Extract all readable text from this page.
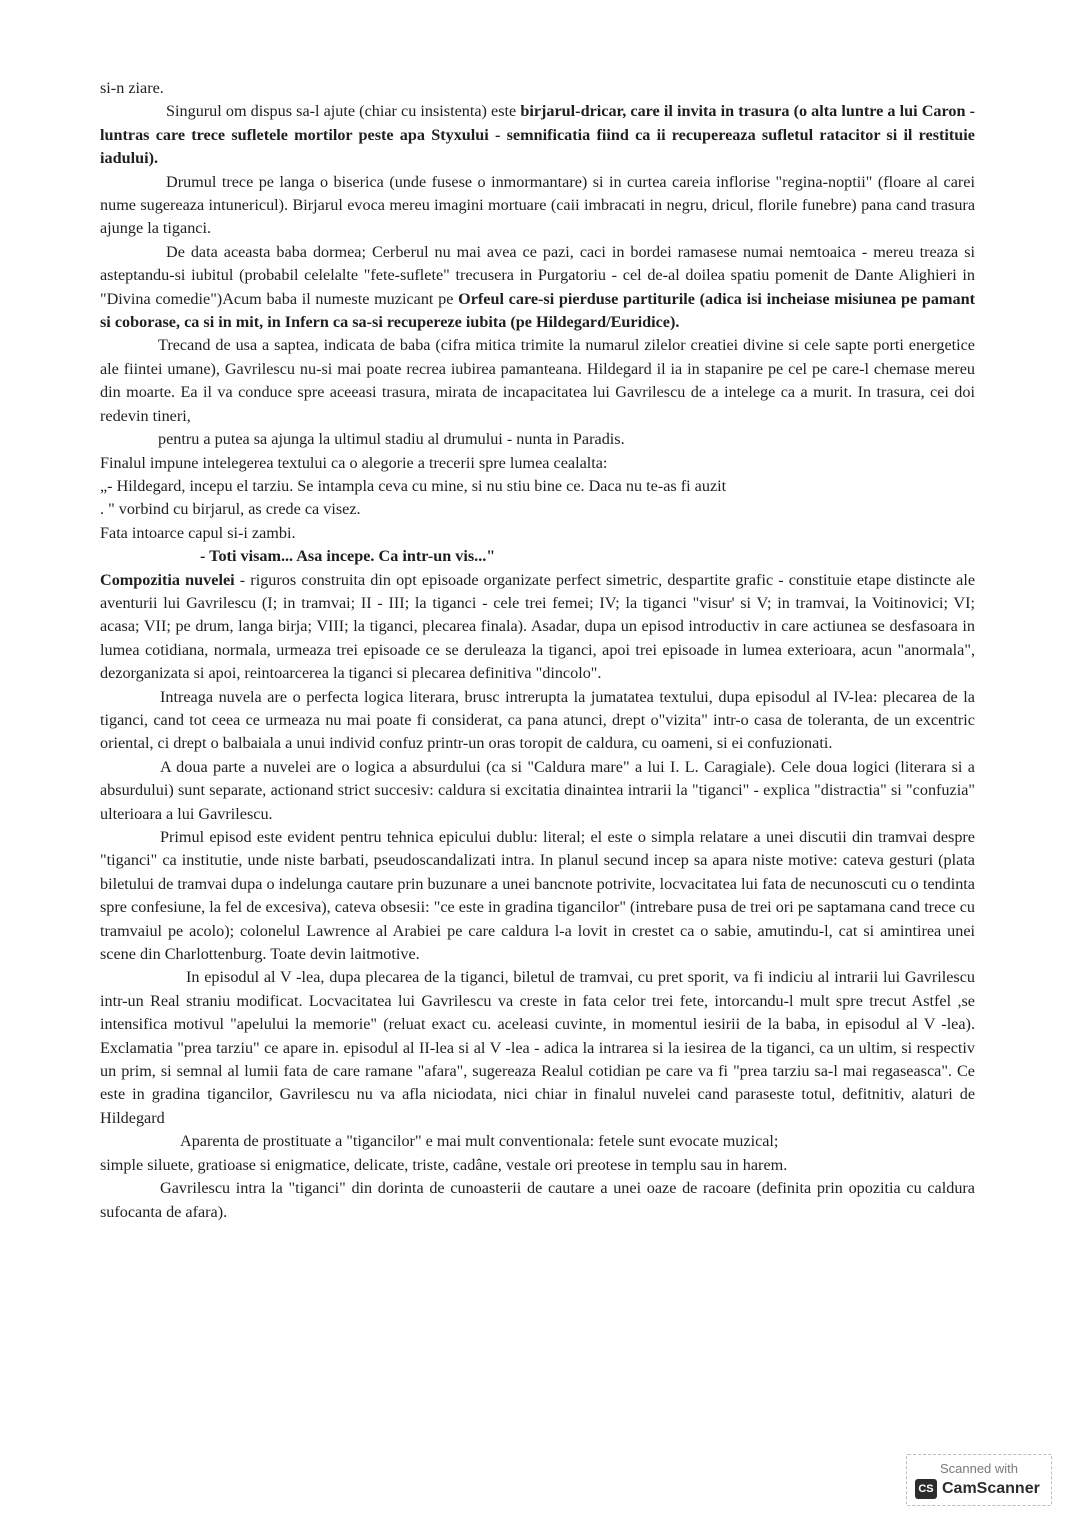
si-n ziare.

Singurul om dispus sa-l ajute (chiar cu insistenta) este birjarul-dricar, care il invita in trasura (o alta luntre a lui Caron - luntras care trece sufletele mortilor peste apa Styxului - semnificatia fiind ca ii recupereaza sufletul ratacitor si il restituie iadului).

Drumul trece pe langa o biserica (unde fusese o inmormantare) si in curtea careia inflorise "regina-noptii" (floare al carei nume sugereaza intunericul). Birjarul evoca mereu imagini mortuare (caii imbracati in negru, dricul, florile funebre) pana cand trasura ajunge la tiganci.

De data aceasta baba dormea; Cerberul nu mai avea ce pazi, caci in bordei ramasese numai nemtoaica - mereu treaza si asteptandu-si iubitul (probabil celelalte "fete-suflete" trecusera in Purgatoriu - cel de-al doilea spatiu pomenit de Dante Alighieri in "Divina comedie")Acum baba il numeste muzicant pe Orfeul care-si pierduse partiturile (adica isi incheiase misiunea pe pamant si coborase, ca si in mit, in Infern ca sa-si recupereze iubita (pe Hildegard/Euridice).

Trecand de usa a saptea, indicata de baba (cifra mitica trimite la numarul zilelor creatiei divine si cele sapte porti energetice ale fiintei umane), Gavrilescu nu-si mai poate recrea iubirea pamanteana. Hildegard il ia in stapanire pe cel pe care-l chemase mereu din moarte. Ea il va conduce spre aceeasi trasura, mirata de incapacitatea lui Gavrilescu de a intelege ca a murit. In trasura, cei doi redevin tineri,

pentru a putea sa ajunga la ultimul stadiu al drumului - nunta in Paradis.

Finalul impune intelegerea textului ca o alegorie a trecerii spre lumea cealalta:

„- Hildegard, incepu el tarziu. Se intampla ceva cu mine, si nu stiu bine ce. Daca nu te-as fi auzit

. " vorbind cu birjarul, as crede ca visez.

Fata intoarce capul si-i zambi.

- Toti visam... Asa incepe. Ca intr-un vis..."

Compozitia nuvelei - riguros construita din opt episoade organizate perfect simetric, despartite grafic - constituie etape distincte ale aventurii lui Gavrilescu (I; in tramvai; II - III; la tiganci - cele trei femei; IV; la tiganci "visur' si V; in tramvai, la Voitinovici; VI; acasa; VII; pe drum, langa birja; VIII; la tiganci, plecarea finala). Asadar, dupa un episod introductiv in care actiunea se desfasoara in lumea cotidiana, normala, urmeaza trei episoade ce se deruleaza la tiganci, apoi trei episoade in lumea exterioara, acun "anormala", dezorganizata si apoi, reintoarcerea la tiganci si plecarea definitiva "dincolo".

Intreaga nuvela are o perfecta logica literara, brusc intrerupta la jumatatea textului, dupa episodul al IV-lea: plecarea de la tiganci, cand tot ceea ce urmeaza nu mai poate fi considerat, ca pana atunci, drept o"vizita" intr-o casa de toleranta, de un excentric oriental, ci drept o balbaiala a unui individ confuz printr-un oras toropit de caldura, cu oameni, si ei confuzionati.

A doua parte a nuvelei are o logica a absurdului (ca si "Caldura mare" a lui I. L. Caragiale). Cele doua logici (literara si a absurdului) sunt separate, actionand strict succesiv: caldura si excitatia dinaintea intrarii la "tiganci" - explica "distractia" si "confuzia" ulterioara a lui Gavrilescu.

Primul episod este evident pentru tehnica epicului dublu: literal; el este o simpla relatare a unei discutii din tramvai despre "tiganci" ca institutie, unde niste barbati, pseudoscandalizati intra. In planul secund incep sa apara niste motive: cateva gesturi (plata biletului de tramvai dupa o indelunga cautare prin buzunare a unei bancnote potrivite, locvacitatea lui fata de necunoscuti cu o tendinta spre confesiune, la fel de excesiva), cateva obsesii: "ce este in gradina tigancilor" (intrebare pusa de trei ori pe saptamana cand trece cu tramvaiul pe acolo); colonelul Lawrence al Arabiei pe care caldura l-a lovit in crestet ca o sabie, amutindu-l, cat si amintirea unei scene din Charlottenburg. Toate devin laitmotive.

In episodul al V -lea, dupa plecarea de la tiganci, biletul de tramvai, cu pret sporit, va fi indiciu al intrarii lui Gavrilescu intr-un Real straniu modificat. Locvacitatea lui Gavrilescu va creste in fata celor trei fete, intorcandu-l mult spre trecut Astfel ,se intensifica motivul "apelului la memorie" (reluat exact cu. aceleasi cuvinte, in momentul iesirii de la baba, in episodul al V -lea). Exclamatia "prea tarziu" ce apare in. episodul al II-lea si al V -lea - adica la intrarea si la iesirea de la tiganci, ca un ultim, si respectiv un prim, si semnal al lumii fata de care ramane "afara", sugereaza Realul cotidian pe care va fi "prea tarziu sa-l mai regaseasca". Ce este in gradina tigancilor, Gavrilescu nu va afla niciodata, nici chiar in finalul nuvelei cand paraseste totul, defitnitiv, alaturi de Hildegard

Aparenta de prostituate a "tigancilor" e mai mult conventionala: fetele sunt evocate muzical;

simple siluete, gratioase si enigmatice, delicate, triste, cadâne, vestale ori preotese in templu sau in harem.

Gavrilescu intra la "tiganci" din dorinta de cunoasterii de cautare a unei oaze de racoare (definita prin opozitia cu caldura sufocanta de afara).

Scanned with
CS CamScanner
